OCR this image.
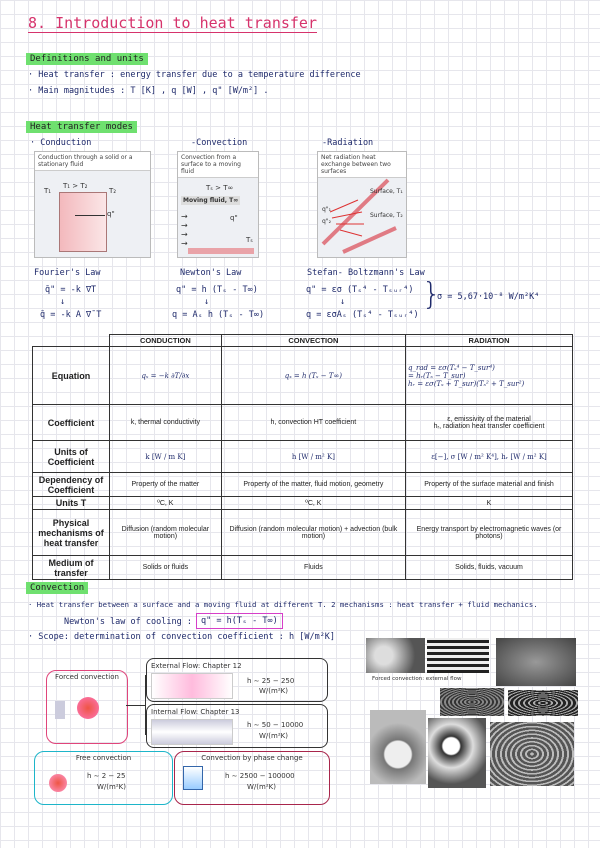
8. Introduction to heat transfer
Definitions and units
· Heat transfer : energy transfer due to a temperature difference
· Main magnitudes : T [K] , q [W] , q" [W/m²] .
Heat transfer modes
· Conduction	-Convection	-Radiation
Conduction through a solid or a stationary fluid
T₁	T₂
T₁ > T₂
q"
Convection from a surface to a moving fluid
Tₛ > T∞
Moving fluid, T∞
→
→
→
→
q"
Tₛ
Net radiation heat exchange between two surfaces
Surface, T₁
Surface, T₂
q"₁
q"₂
Fourier's Law
q̄" = -k ∇̄T
↓
q̄ = -k A ∇̄ T
Newton's Law
q" = h (Tₛ - T∞)
↓
q = Aₛ h (Tₛ - T∞)
Stefan- Boltzmann's Law
q" = εσ (Tₛ⁴ - Tₛᵤᵣ⁴)
↓
q = εσAₛ (Tₛ⁴ - Tₛᵤᵣ⁴)
}
σ = 5,67·10⁻⁸ W/m²K⁴
	CONDUCTION	CONVECTION	RADIATION
Equation	qₓ = −k ∂T/∂x	qₓ = h (Tₛ − T∞)	q_rad = εσ(Tₛ⁴ − T_sur⁴)
= hᵣ(Tₛ − T_sur)
hᵣ = εσ(Tₛ + T_sur)(Tₛ² + T_sur²)
Coefficient	k, thermal conductivity	h, convection HT coefficient	ε, emissivity of the material
hᵣ, radiation heat transfer coefficient
Units of Coefficient	k [W / m K]	h [W / m² K]	ε[−], σ [W / m² K⁴], hᵣ [W / m² K]
Dependency of Coefficient	Property of the matter	Property of the matter, fluid motion, geometry	Property of the surface material and finish
Units T	ºC, K	ºC, K	K
Physical mechanisms of heat transfer	Diffusion (random molecular motion)	Diffusion (random molecular motion) + advection (bulk motion)	Energy transport by electromagnetic waves (or photons)
Medium of transfer	Solids or fluids	Fluids	Solids, fluids, vacuum
Convection
· Heat transfer between a surface and a moving fluid at different T. 2 mechanisms : heat transfer + fluid mechanics.
Newton's law of cooling :	q" = h(Tₛ - T∞)
· Scope: determination of convection coefficient : h [W/m²K]
Forced convection
External Flow: Chapter 12
h ∼ 25 − 250
W/(m²K)
Internal Flow: Chapter 13
h ∼ 50 − 10000
W/(m²K)
Free convection
h ∼ 2 − 25
W/(m²K)
Convection by phase change
h ∼ 2500 − 100000
W/(m²K)
Forced convection: external flow
